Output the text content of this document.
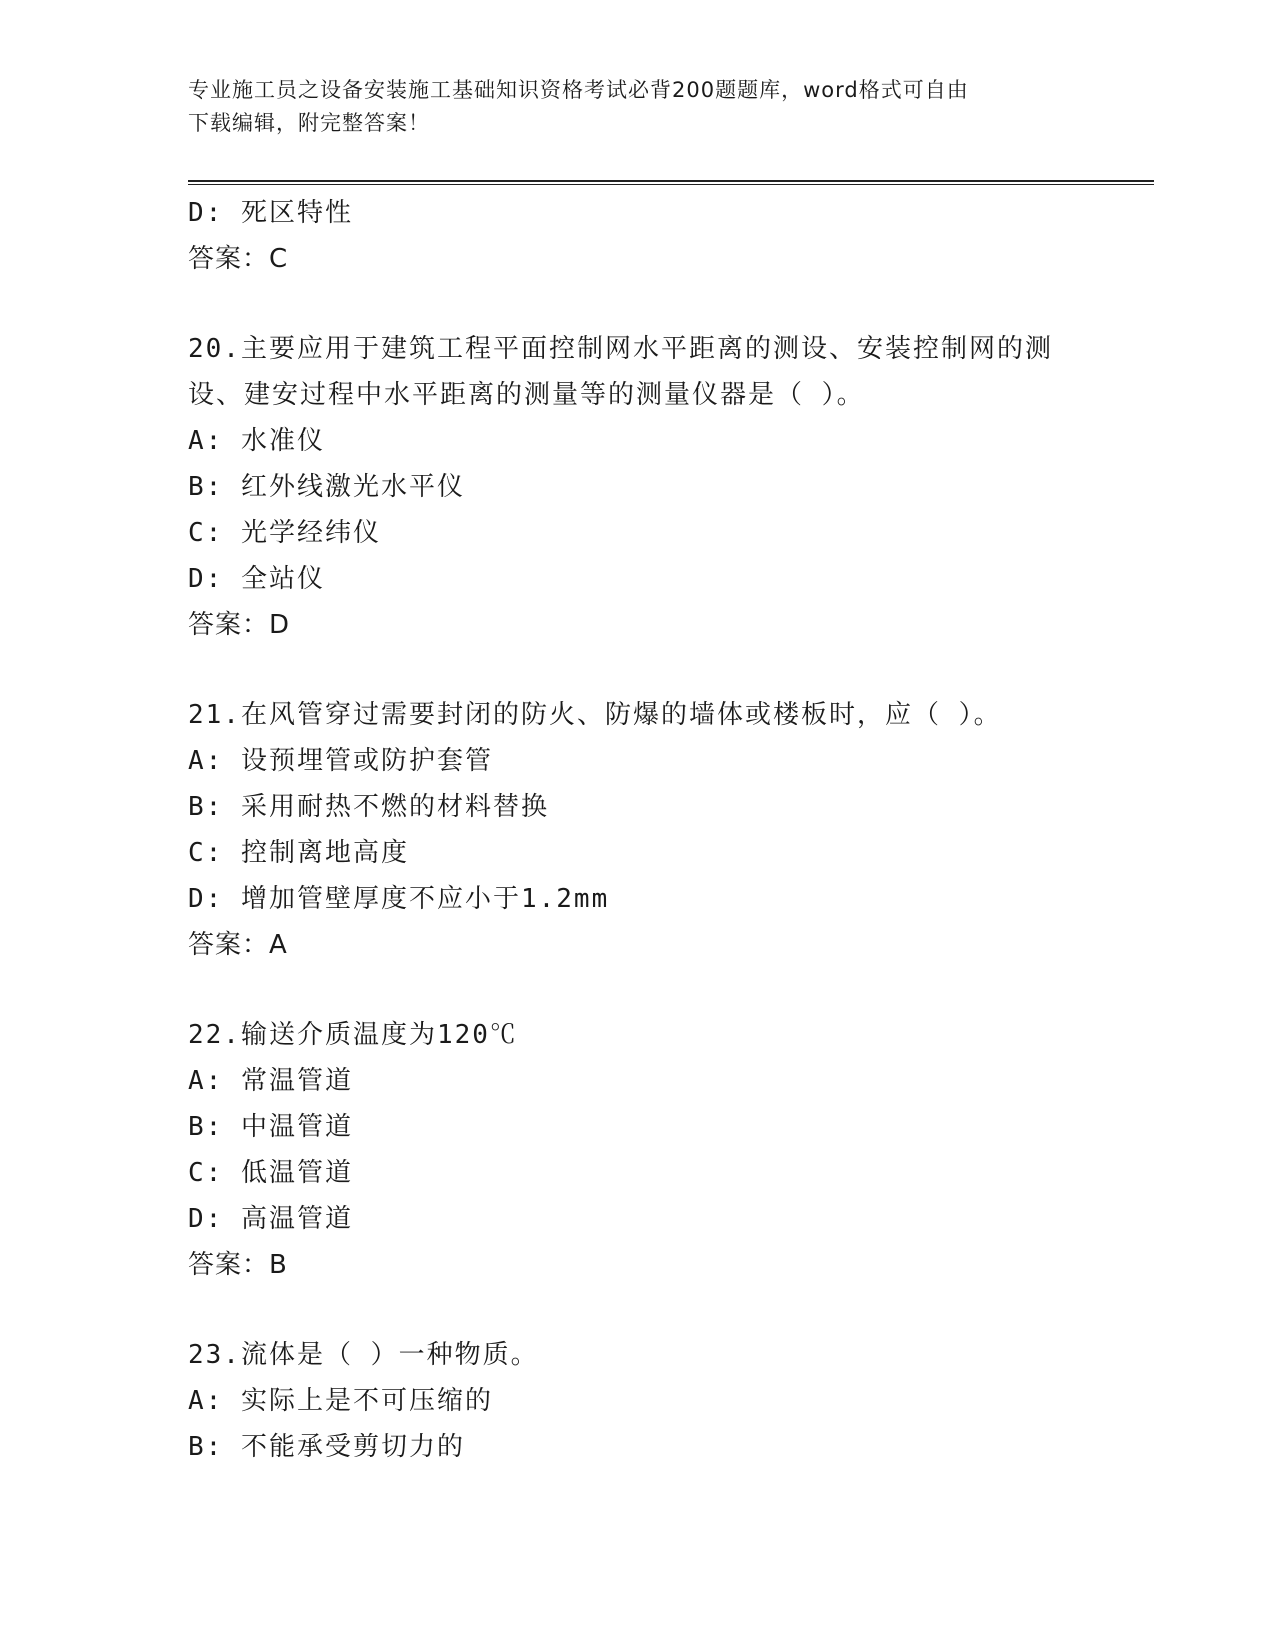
专业施工员之设备安装施工基础知识资格考试必背200题题库，word格式可自由
下载编辑，附完整答案！
D: 死区特性
答案：C
20.主要应用于建筑工程平面控制网水平距离的测设、安装控制网的测
设、建安过程中水平距离的测量等的测量仪器是（ ）。
A: 水准仪
B: 红外线激光水平仪
C: 光学经纬仪
D: 全站仪
答案：D
21.在风管穿过需要封闭的防火、防爆的墙体或楼板时，应（ ）。
A: 设预埋管或防护套管
B: 采用耐热不燃的材料替换
C: 控制离地高度
D: 增加管壁厚度不应小于1.2mm
答案：A
22.输送介质温度为120℃
A: 常温管道
B: 中温管道
C: 低温管道
D: 高温管道
答案：B
23.流体是（ ）一种物质。
A: 实际上是不可压缩的
B: 不能承受剪切力的
